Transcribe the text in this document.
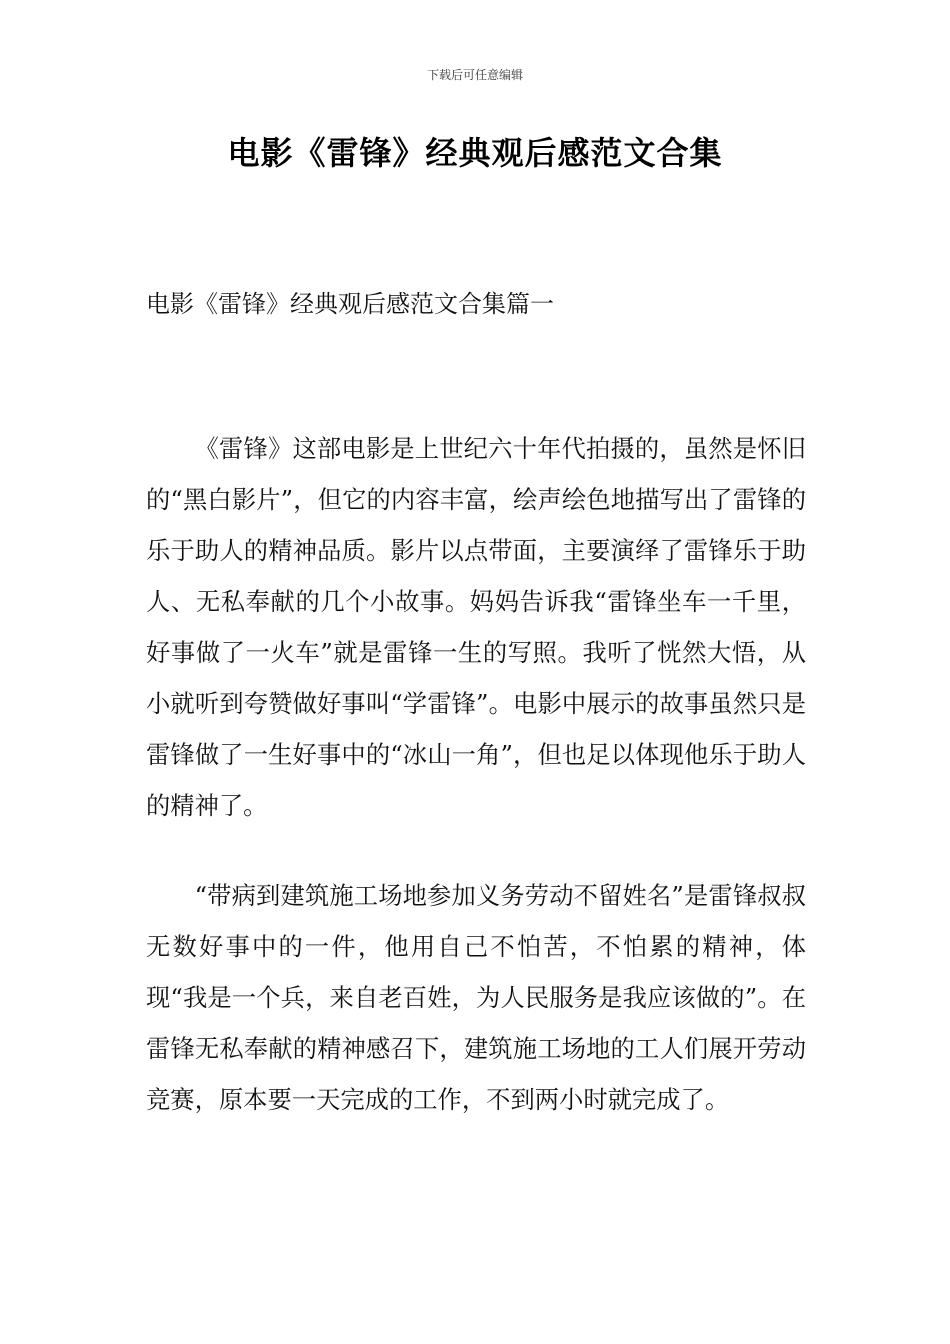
下载后可任意编辑
电影《雷锋》经典观后感范文合集
电影《雷锋》经典观后感范文合集篇一

《雷锋》这部电影是上世纪六十年代拍摄的，虽然是怀旧的“黑白影片”，但它的内容丰富，绘声绘色地描写出了雷锋的乐于助人的精神品质。影片以点带面，主要演绎了雷锋乐于助人、无私奉献的几个小故事。妈妈告诉我“雷锋坐车一千里，好事做了一火车”就是雷锋一生的写照。我听了恍然大悟，从小就听到夸赞做好事叫“学雷锋”。电影中展示的故事虽然只是雷锋做了一生好事中的“冰山一角”，但也足以体现他乐于助人的精神了。

“带病到建筑施工场地参加义务劳动不留姓名”是雷锋叔叔无数好事中的一件，他用自己不怕苦，不怕累的精神，体现“我是一个兵，来自老百姓，为人民服务是我应该做的”。在雷锋无私奉献的精神感召下，建筑施工场地的工人们展开劳动竞赛，原本要一天完成的工作，不到两小时就完成了。
